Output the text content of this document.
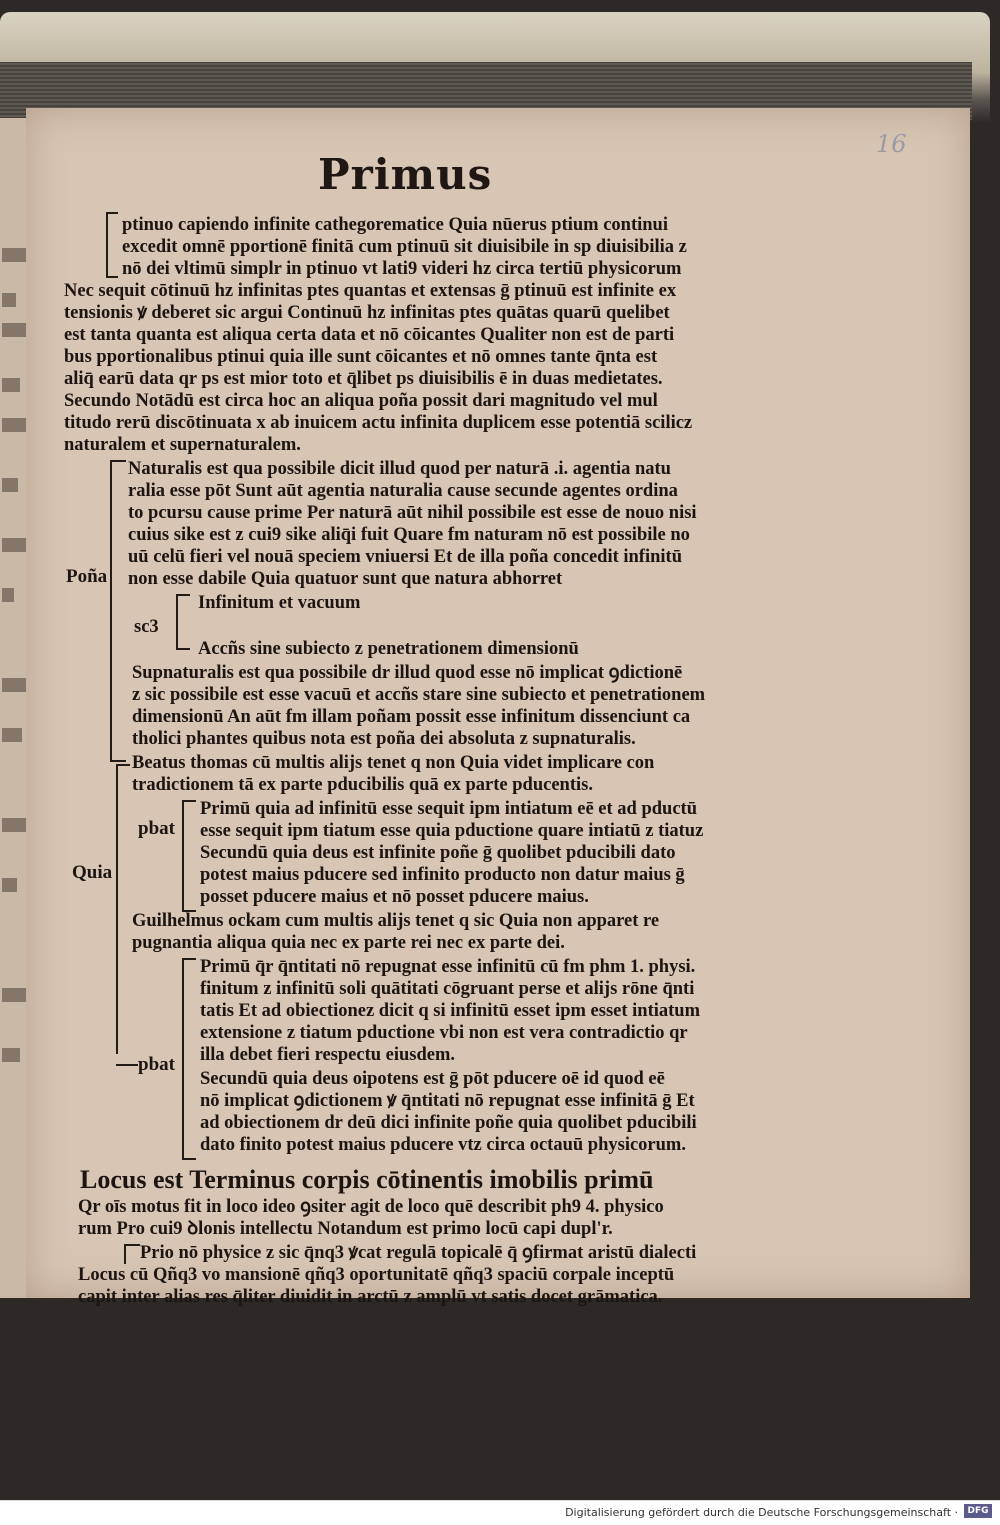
16
Primus
ptinuo capiendo infinite cathegorematice Quia nūerus ptium continui
excedit omnē pportionē finitā cum ptinuū sit diuisibile in sp diuisibilia z
nō dei vltimū simplr in ptinuo vt lati9 videri hz circa tertiū physicorum
Nec sequit cōtinuū hz infinitas ptes quantas et extensas ḡ ptinuū est infinite ex
tensionis ꝟ deberet sic argui Continuū hz infinitas ptes quātas quarū quelibet
est tanta quanta est aliqua certa data et nō cōicantes Qualiter non est de parti
bus pportionalibus ptinui quia ille sunt cōicantes et nō omnes tante q̄nta est
aliq̄ earū data qr ps est mior toto et q̄libet ps diuisibilis ē in duas medietates.
Secundo Notādū est circa hoc an aliqua poña possit dari magnitudo vel mul
titudo rerū discōtinuata x ab inuicem actu infinita duplicem esse potentiā scilicz
naturalem et supernaturalem.
Naturalis est qua possibile dicit illud quod per naturā .i. agentia natu
ralia esse pōt Sunt aūt agentia naturalia cause secunde agentes ordina
to pcursu cause prime Per naturā aūt nihil possibile est esse de nouo nisi
cuius sike est z cui9 sike aliq̄i fuit Quare fm naturam nō est possibile no
uū celū fieri vel nouā speciem vniuersi Et de illa poña concedit infinitū
non esse dabile Quia quatuor sunt que natura abhorret
Infinitum et vacuum
sc3
Accñs sine subiecto z penetrationem dimensionū
Supnaturalis est qua possibile dr illud quod esse nō implicat ꝯdictionē
z sic possibile est esse vacuū et accñs stare sine subiecto et penetrationem
dimensionū An aūt fm illam poñam possit esse infinitum dissenciunt ca
tholici phantes quibus nota est poña dei absoluta z supnaturalis.
Beatus thomas cū multis alijs tenet q non Quia videt implicare con
tradictionem tā ex parte pducibilis quā ex parte pducentis.
Primū quia ad infinitū esse sequit ipm intiatum eē et ad pductū
esse sequit ipm tiatum esse quia pductione quare intiatū z tiatuz
Secundū quia deus est infinite poñe ḡ quolibet pducibili dato
potest maius pducere sed infinito producto non datur maius ḡ
posset pducere maius et nō posset pducere maius.
Guilhelmus ockam cum multis alijs tenet q sic Quia non apparet re
pugnantia aliqua quia nec ex parte rei nec ex parte dei.
Primū q̄r q̄ntitati nō repugnat esse infinitū cū fm phm 1. physi.
finitum z infinitū soli quātitati cōgruant perse et alijs rōne q̄nti
tatis Et ad obiectionez dicit q si infinitū esset ipm esset intiatum
extensione z tiatum pductione vbi non est vera contradictio qr
illa debet fieri respectu eiusdem.
Secundū quia deus oipotens est ḡ pōt pducere oē id quod eē
nō implicat ꝯdictionem ꝟ q̄ntitati nō repugnat esse infinitā ḡ Et
ad obiectionem dr deū dici infinite poñe quia quolibet pducibili
dato finito potest maius pducere vtz circa octauū physicorum.
Poña
Quia
pbat
pbat
Locus est Terminus corpis cōtinentis imobilis primū
Qr oīs motus fit in loco ideo ꝯsiter agit de loco quē describit ph9 4. physico
rum Pro cui9 ꝺlonis intellectu Notandum est primo locū capi dupl'r.
Prio nō physice z sic q̄nq3 ꝟcat regulā topicalē q̄ ꝯfirmat aristū dialecti
Locus cū Qñq3 vo mansionē qñq3 oportunitatē qñq3 spaciū corpale inceptū
capit inter alias res q̄liter diuidit in arctū z amplū vt satis docet grāmatica.
Digitalisierung gefördert durch die Deutsche Forschungsgemeinschaft ·	DFG
